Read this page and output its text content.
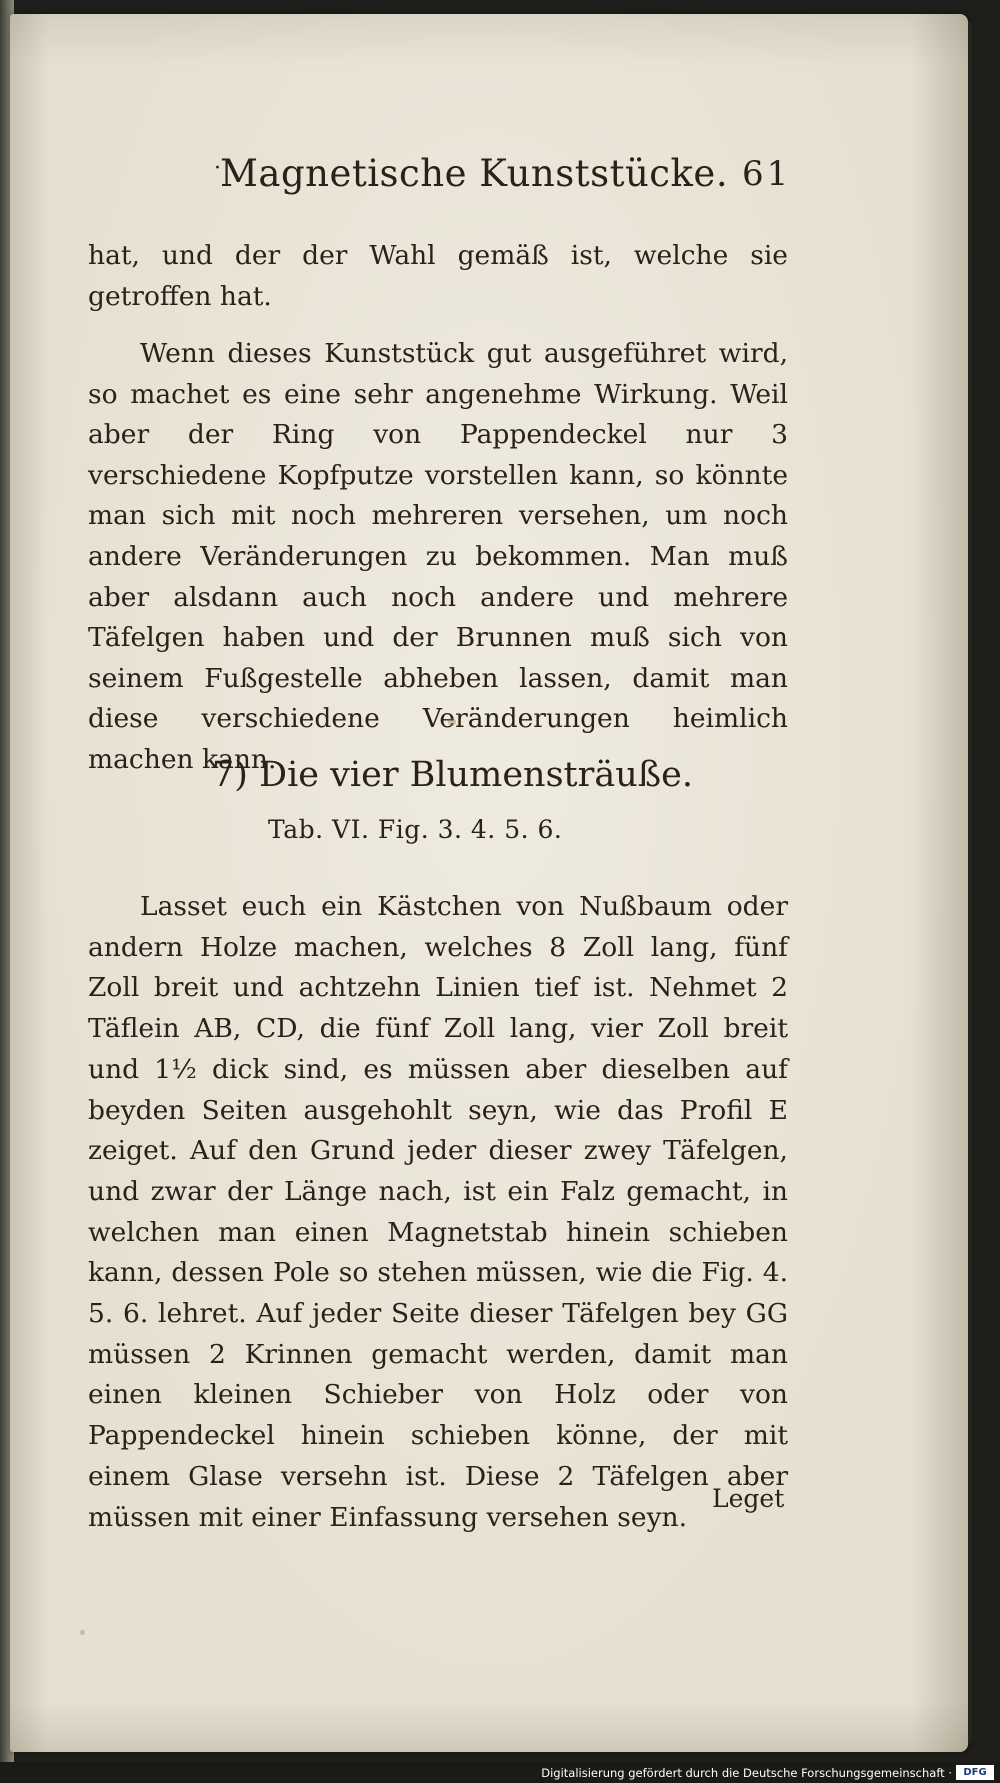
· Magnetische Kunststücke. 61

hat, und der der Wahl gemäß ist, welche sie getroffen hat.

Wenn dieses Kunststück gut ausgeführet wird, so machet es eine sehr angenehme Wirkung. Weil aber der Ring von Pappendeckel nur 3 verschiedene Kopfputze vorstellen kann, so könnte man sich mit noch mehreren versehen, um noch andere Veränderungen zu bekommen. Man muß aber alsdann auch noch andere und mehrere Täfelgen haben und der Brunnen muß sich von seinem Fußgestelle abheben lassen, damit man diese verschiedene Veränderungen heimlich machen kann.

7) Die vier Blumensträuße.
Tab. VI. Fig. 3. 4. 5. 6.

Lasset euch ein Kästchen von Nußbaum oder andern Holze machen, welches 8 Zoll lang, fünf Zoll breit und achtzehn Linien tief ist. Nehmet 2 Täflein AB, CD, die fünf Zoll lang, vier Zoll breit und 1½ dick sind, es müssen aber dieselben auf beyden Seiten ausgehohlt seyn, wie das Profil E zeiget. Auf den Grund jeder dieser zwey Täfelgen, und zwar der Länge nach, ist ein Falz gemacht, in welchen man einen Magnetstab hinein schieben kann, dessen Pole so stehen müssen, wie die Fig. 4. 5. 6. lehret. Auf jeder Seite dieser Täfelgen bey GG müssen 2 Krinnen gemacht werden, damit man einen kleinen Schieber von Holz oder von Pappendeckel hinein schieben könne, der mit einem Glase versehn ist. Diese 2 Täfelgen aber müssen mit einer Einfassung versehen seyn.

Leget
Digitalisierung gefördert durch die Deutsche Forschungsgemeinschaft ·	DFG
